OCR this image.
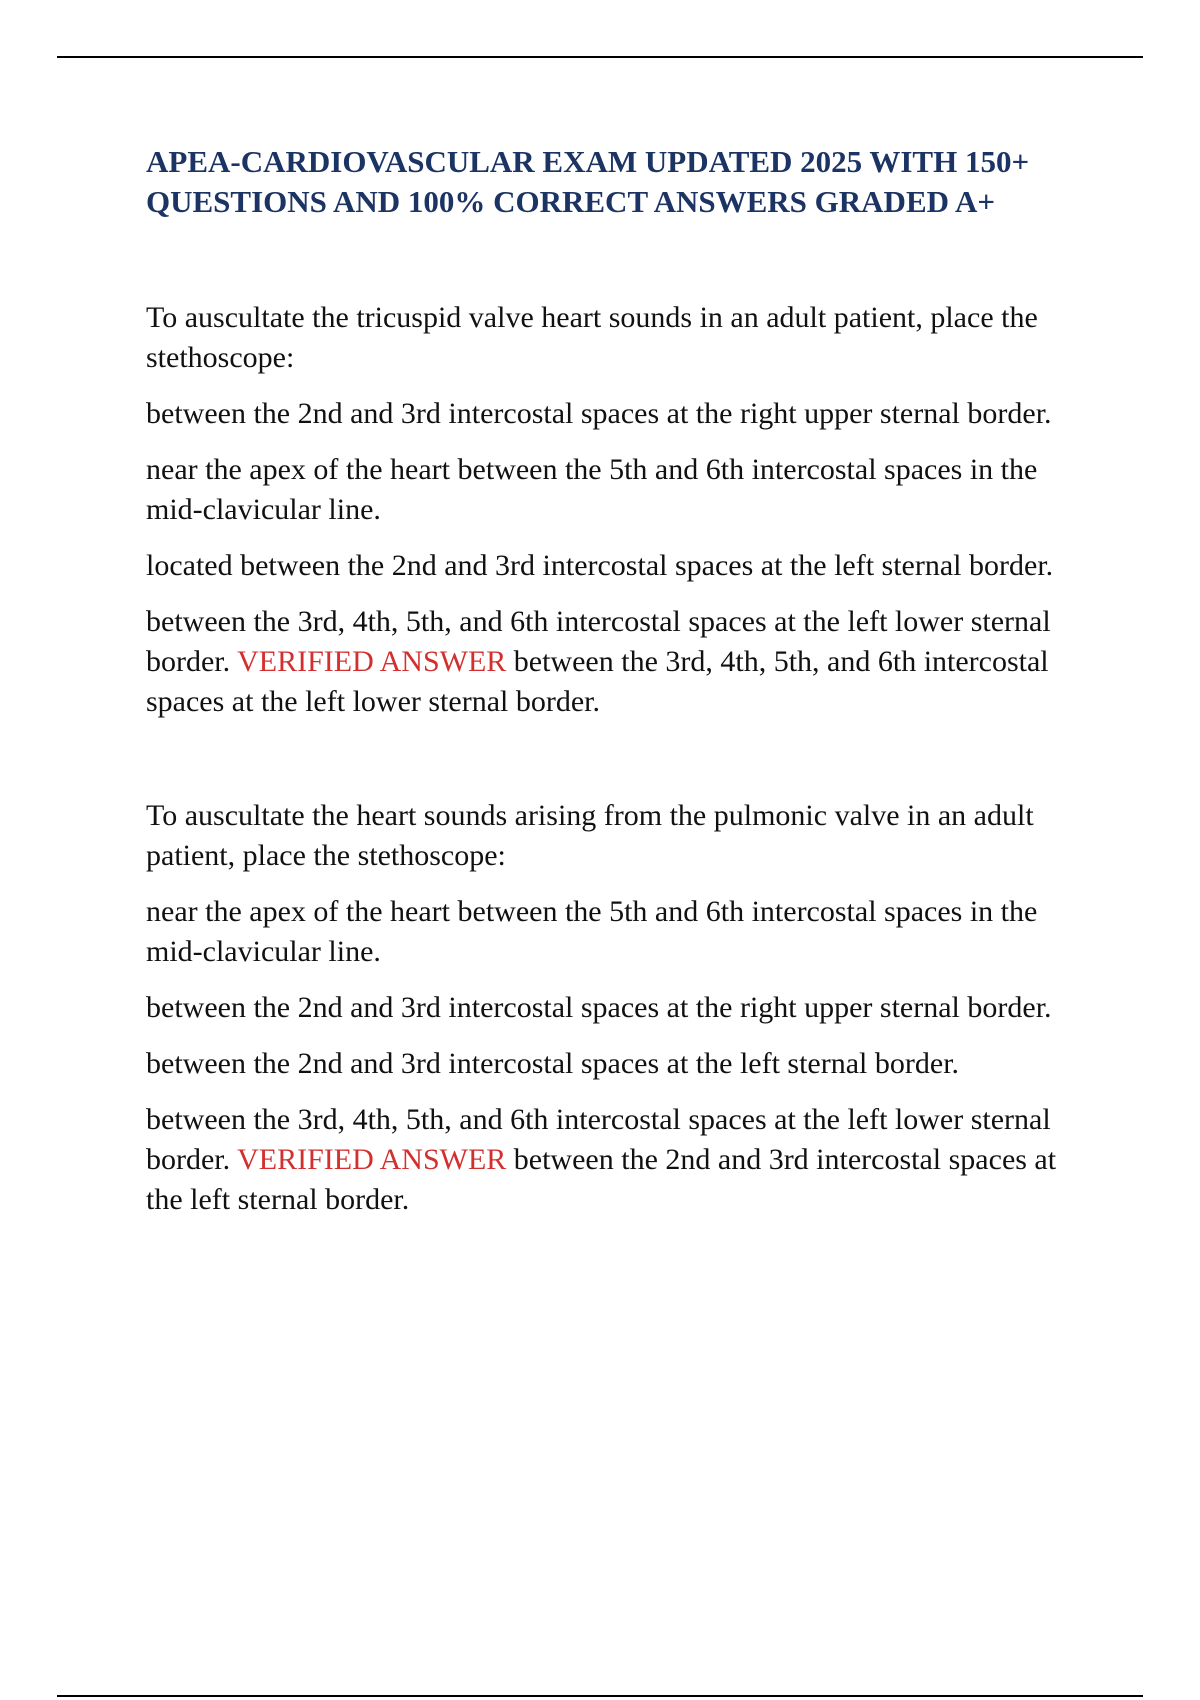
APEA-CARDIOVASCULAR EXAM UPDATED 2025 WITH 150+ QUESTIONS AND 100% CORRECT ANSWERS GRADED A+

To auscultate the tricuspid valve heart sounds in an adult patient, place the stethoscope:

between the 2nd and 3rd intercostal spaces at the right upper sternal border.

near the apex of the heart between the 5th and 6th intercostal spaces in the mid-clavicular line.

located between the 2nd and 3rd intercostal spaces at the left sternal border.

between the 3rd, 4th, 5th, and 6th intercostal spaces at the left lower sternal border. VERIFIED ANSWER between the 3rd, 4th, 5th, and 6th intercostal spaces at the left lower sternal border.

To auscultate the heart sounds arising from the pulmonic valve in an adult patient, place the stethoscope:

near the apex of the heart between the 5th and 6th intercostal spaces in the mid-clavicular line.

between the 2nd and 3rd intercostal spaces at the right upper sternal border.

between the 2nd and 3rd intercostal spaces at the left sternal border.

between the 3rd, 4th, 5th, and 6th intercostal spaces at the left lower sternal border. VERIFIED ANSWER between the 2nd and 3rd intercostal spaces at the left sternal border.
